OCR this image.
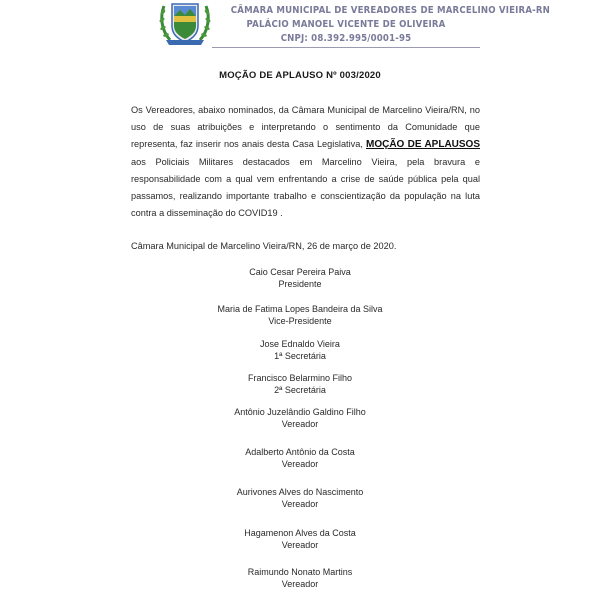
CÂMARA MUNICIPAL DE VEREADORES DE MARCELINO VIEIRA-RN
PALÁCIO MANOEL VICENTE DE OLIVEIRA
CNPJ: 08.392.995/0001-95
MOÇÃO DE APLAUSO Nº 003/2020
Os Vereadores, abaixo nominados, da Câmara Municipal de Marcelino Vieira/RN, no uso de suas atribuições e interpretando o sentimento da Comunidade que representa, faz inserir nos anais desta Casa Legislativa, MOÇÃO DE APLAUSOS aos Policiais Militares destacados em Marcelino Vieira, pela bravura e responsabilidade com a qual vem enfrentando a crise de saúde pública pela qual passamos, realizando importante trabalho e conscientização da população na luta contra a disseminação do COVID19 .
Câmara Municipal de Marcelino Vieira/RN, 26 de março de 2020.
Caio Cesar Pereira Paiva
Presidente
Maria de Fatima Lopes Bandeira da Silva
Vice-Presidente
Jose Ednaldo Vieira
1ª Secretária
Francisco Belarmino Filho
2ª Secretária
Antônio Juzelândio Galdino Filho
Vereador
Adalberto Antônio da Costa
Vereador
Aurivones Alves do Nascimento
Vereador
Hagamenon Alves da Costa
Vereador
Raimundo Nonato Martins
Vereador
